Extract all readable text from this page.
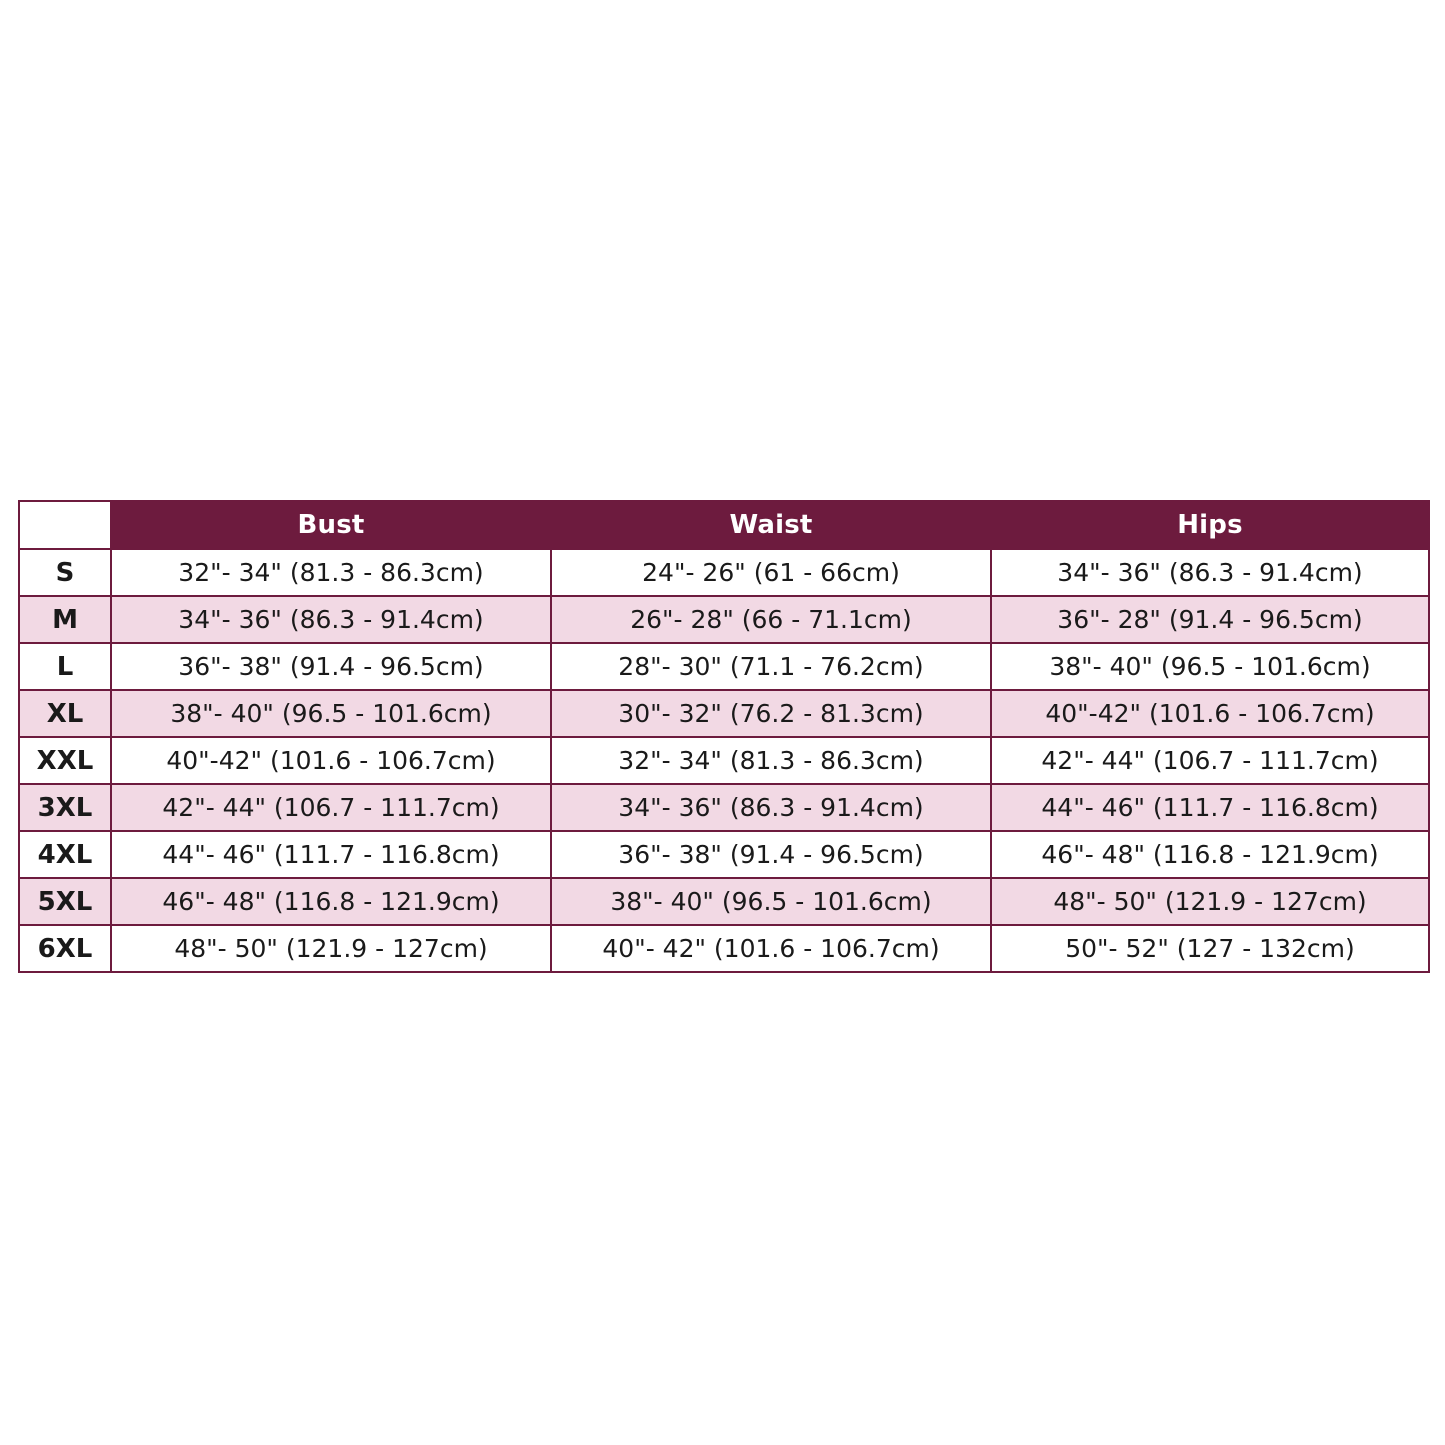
	Bust	Waist	Hips
S	32"- 34" (81.3 - 86.3cm)	24"- 26" (61 - 66cm)	34"- 36" (86.3 - 91.4cm)
M	34"- 36" (86.3 - 91.4cm)	26"- 28" (66 - 71.1cm)	36"- 28" (91.4 - 96.5cm)
L	36"- 38" (91.4 - 96.5cm)	28"- 30" (71.1 - 76.2cm)	38"- 40" (96.5 - 101.6cm)
XL	38"- 40" (96.5 - 101.6cm)	30"- 32" (76.2 - 81.3cm)	40"-42" (101.6 - 106.7cm)
XXL	40"-42" (101.6 - 106.7cm)	32"- 34" (81.3 - 86.3cm)	42"- 44" (106.7 - 111.7cm)
3XL	42"- 44" (106.7 - 111.7cm)	34"- 36" (86.3 - 91.4cm)	44"- 46" (111.7 - 116.8cm)
4XL	44"- 46" (111.7 - 116.8cm)	36"- 38" (91.4 - 96.5cm)	46"- 48" (116.8 - 121.9cm)
5XL	46"- 48" (116.8 - 121.9cm)	38"- 40" (96.5 - 101.6cm)	48"- 50" (121.9 - 127cm)
6XL	48"- 50" (121.9 - 127cm)	40"- 42" (101.6 - 106.7cm)	50"- 52" (127 - 132cm)
